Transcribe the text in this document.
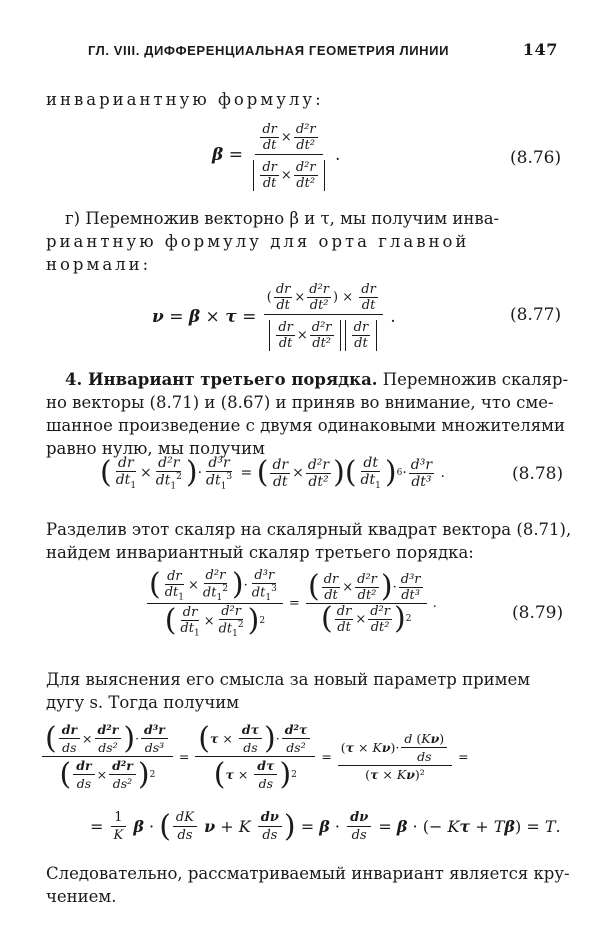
ГЛ. VIII. ДИФФЕРЕНЦИАЛЬНАЯ ГЕОМЕТРИЯ ЛИНИИ	147
инвариантную формулу:
$\beta = \frac{\frac{dr}{dt} \times \frac{\text{d²r}}{\text{dt²}}}{\frac{dr}{dt} \times \frac{\text{d²r}}{\text{dt²}}}$ .	(8.76)
г) Перемножив векторно β и τ, мы получим инва-
риантную формулу для орта главной
нормали:
ν = β × τ = ( $\frac{dr}{dt} \times \frac{\text{d²r}}{\text{dt²}}$ ) × $\frac{dr}{dt}$
$\frac{dr}{dt} \times \frac{\text{d²r}}{\text{dt²}}$
$\frac{dr}{dt}$ .	(8.77)
4. Инвариант третьего порядка. Перемножив скаляр-
но векторы (8.71) и (8.67) и приняв во внимание, что сме-
шанное произведение с двумя одинаковыми множителями
равно нулю, мы получим
( $\frac{dr}{dt_1} \times \frac{\text{d²r}}{dt_1^2}$ ) · $\frac{\text{d³r}}{dt_1^3}$ = ( $\frac{dr}{dt} \times \frac{\text{d²r}}{\text{dt²}}$ ) ( $\frac{dt}{dt_1}$ ) $6 \cdot \frac{\text{d³r}}{\text{dt³}}$ .	(8.78)
Разделив этот скаляр на скалярный квадрат вектора (8.71),
найдем инвариантный скаляр третьего порядка:
$\frac{( \frac{dr}{dt_1} \times \frac{\text{d²r}}{dt_1^2} ) \cdot \frac{\text{d³r}}{dt_1^3}}{( \frac{dr}{dt_1} \times \frac{\text{d²r}}{dt_1^2} ) 2} = \frac{( \frac{dr}{dt} \times \frac{\text{d²r}}{\text{dt²}} ) \cdot \frac{\text{d³r}}{\text{dt³}}}{( \frac{dr}{dt} \times \frac{\text{d²r}}{\text{dt²}} ) 2}$ .	(8.79)
Для выяснения его смысла за новый параметр примем
дугу s. Тогда получим
$\frac{( \frac{dr}{ds} \times \frac{\text{d²r}}{\text{ds²}} ) \cdot \frac{\text{d³r}}{\text{ds³}}}{( \frac{dr}{ds} \times \frac{\text{d²r}}{\text{ds²}} ) 2} = \frac{( \tau \times \frac{d\tau}{ds} ) \cdot \frac{\text{d²τ}}{\text{ds²}}}{( \tau \times \frac{d\tau}{ds} ) 2} = \frac{( \tau \times K \nu )\cdot \frac{d (K\nu)}{ds}}{\text{(τ × Kν)²}}$ =
= $\frac{1}{K}$
β · ( $\frac{dK}{ds}$
ν + K
$\frac{d\nu}{ds}$ ) = $\beta \cdot \frac{d\nu}{ds} = \beta$ · (− K τ + T β ) = T .
Следовательно, рассматриваемый инвариант является кру-
чением.
